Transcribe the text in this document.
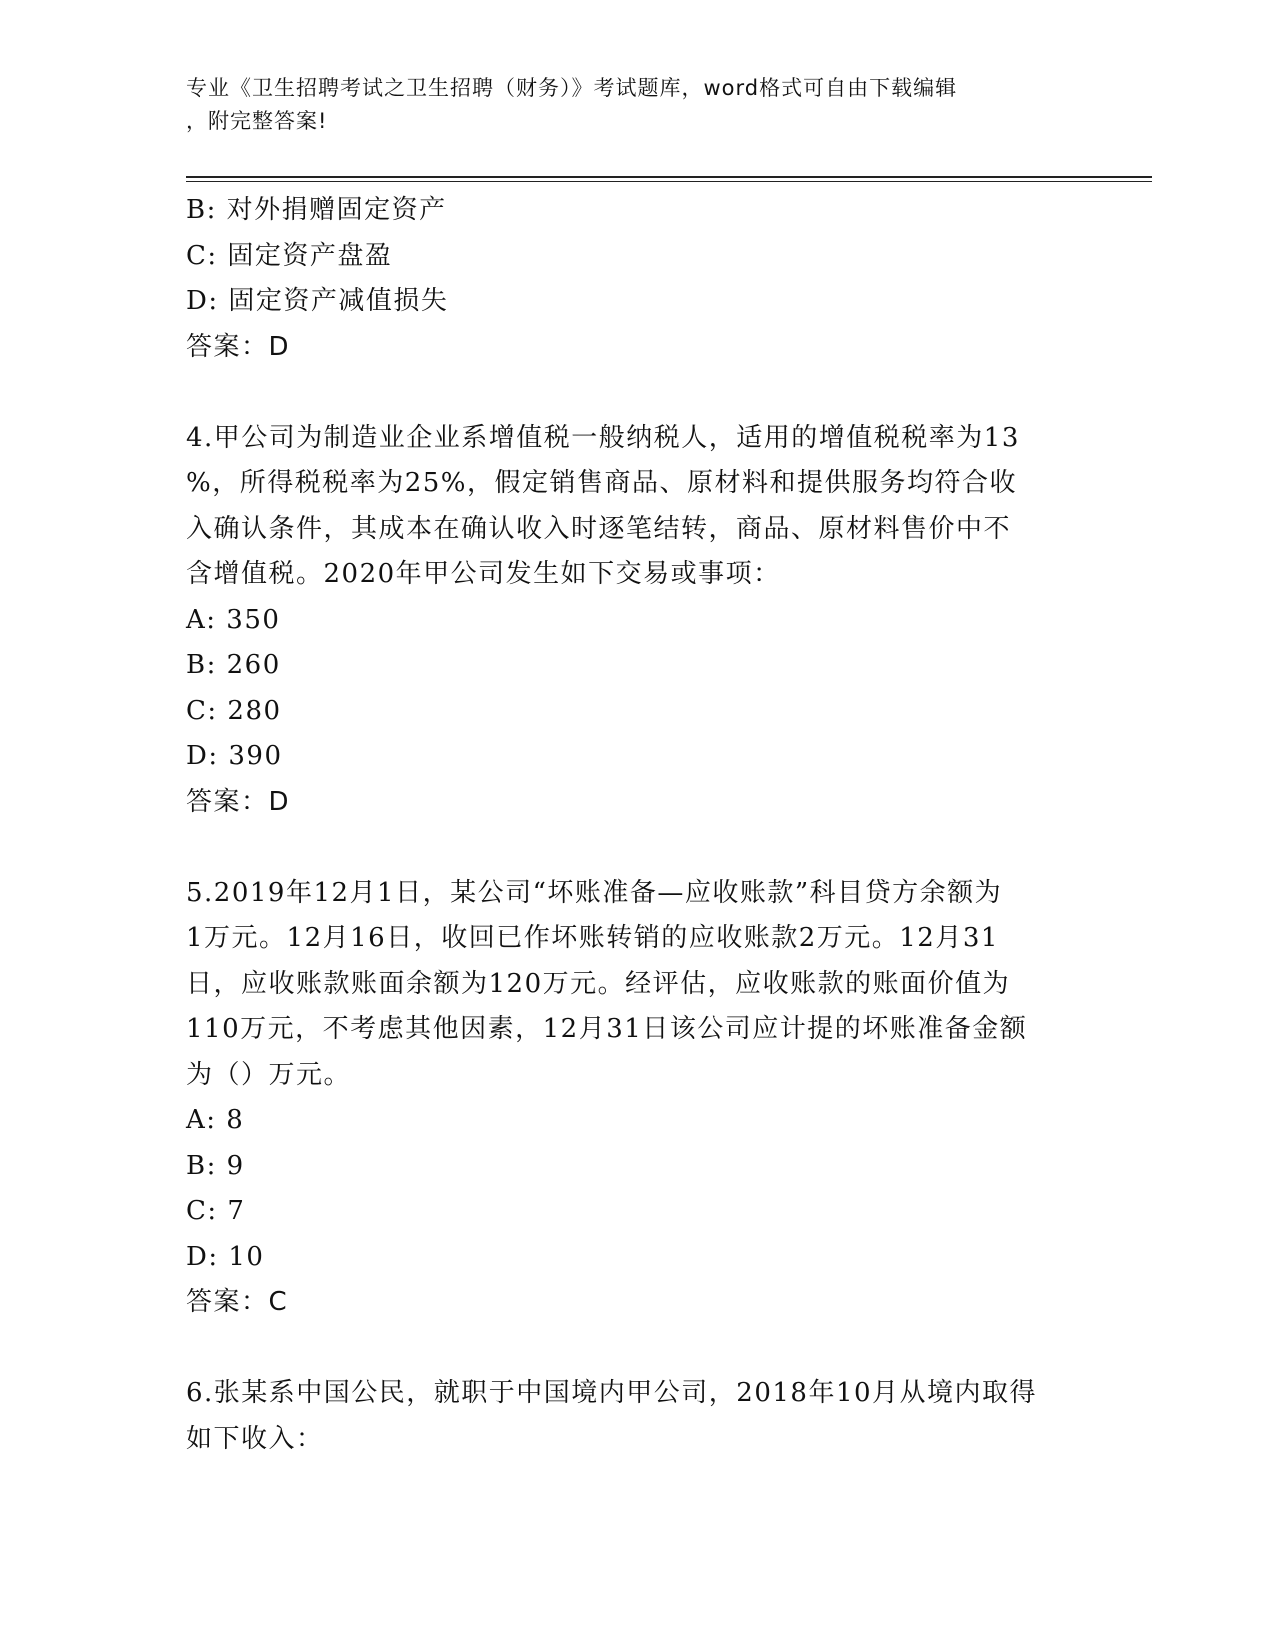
专业《卫生招聘考试之卫生招聘（财务）》考试题库，word格式可自由下载编辑
，附完整答案!
B: 对外捐赠固定资产
C: 固定资产盘盈
D: 固定资产减值损失
答案：D
4.甲公司为制造业企业系增值税一般纳税人，适用的增值税税率为13
%，所得税税率为25%，假定销售商品、原材料和提供服务均符合收
入确认条件，其成本在确认收入时逐笔结转，商品、原材料售价中不
含增值税。2020年甲公司发生如下交易或事项：
A: 350
B: 260
C: 280
D: 390
答案：D
5.2019年12月1日，某公司“坏账准备—应收账款”科目贷方余额为
1万元。12月16日，收回已作坏账转销的应收账款2万元。12月31
日，应收账款账面余额为120万元。经评估，应收账款的账面价值为
110万元，不考虑其他因素，12月31日该公司应计提的坏账准备金额
为（）万元。
A: 8
B: 9
C: 7
D: 10
答案：C
6.张某系中国公民，就职于中国境内甲公司，2018年10月从境内取得
如下收入：
